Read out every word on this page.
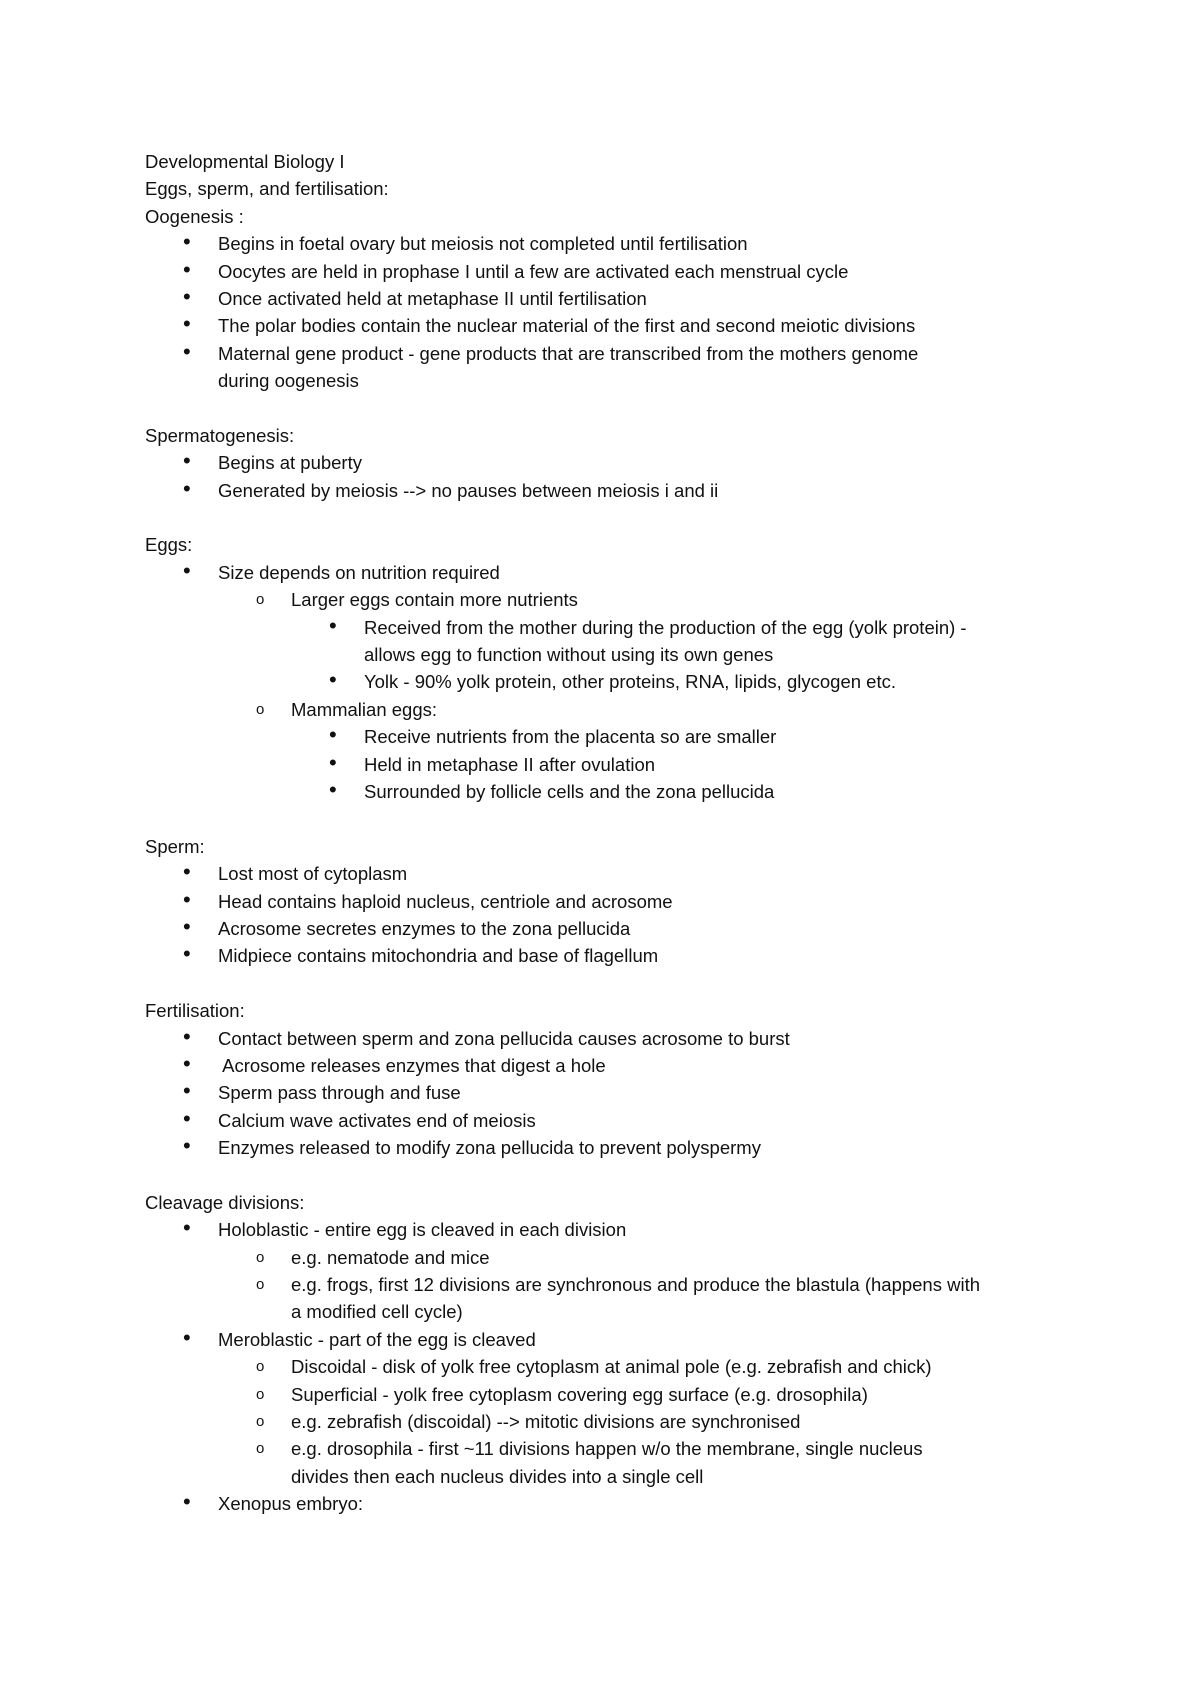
Developmental Biology I
Eggs, sperm, and fertilisation:
Oogenesis :
• Begins in foetal ovary but meiosis not completed until fertilisation
• Oocytes are held in prophase I until a few are activated each menstrual cycle
• Once activated held at metaphase II until fertilisation
• The polar bodies contain the nuclear material of the first and second meiotic divisions
• Maternal gene product - gene products that are transcribed from the mothers genome
during oogenesis
Spermatogenesis:
• Begins at puberty
• Generated by meiosis --> no pauses between meiosis i and ii
Eggs:
• Size depends on nutrition required
o Larger eggs contain more nutrients
• Received from the mother during the production of the egg (yolk protein) -
allows egg to function without using its own genes
• Yolk - 90% yolk protein, other proteins, RNA, lipids, glycogen etc.
o Mammalian eggs:
• Receive nutrients from the placenta so are smaller
• Held in metaphase II after ovulation
• Surrounded by follicle cells and the zona pellucida
Sperm:
• Lost most of cytoplasm
• Head contains haploid nucleus, centriole and acrosome
• Acrosome secretes enzymes to the zona pellucida
• Midpiece contains mitochondria and base of flagellum
Fertilisation:
• Contact between sperm and zona pellucida causes acrosome to burst
• Acrosome releases enzymes that digest a hole
• Sperm pass through and fuse
• Calcium wave activates end of meiosis
• Enzymes released to modify zona pellucida to prevent polyspermy
Cleavage divisions:
• Holoblastic - entire egg is cleaved in each division
o e.g. nematode and mice
o e.g. frogs, first 12 divisions are synchronous and produce the blastula (happens with
a modified cell cycle)
• Meroblastic - part of the egg is cleaved
o Discoidal - disk of yolk free cytoplasm at animal pole (e.g. zebrafish and chick)
o Superficial - yolk free cytoplasm covering egg surface (e.g. drosophila)
o e.g. zebrafish (discoidal) --> mitotic divisions are synchronised
o e.g. drosophila - first ~11 divisions happen w/o the membrane, single nucleus
divides then each nucleus divides into a single cell
• Xenopus embryo:
